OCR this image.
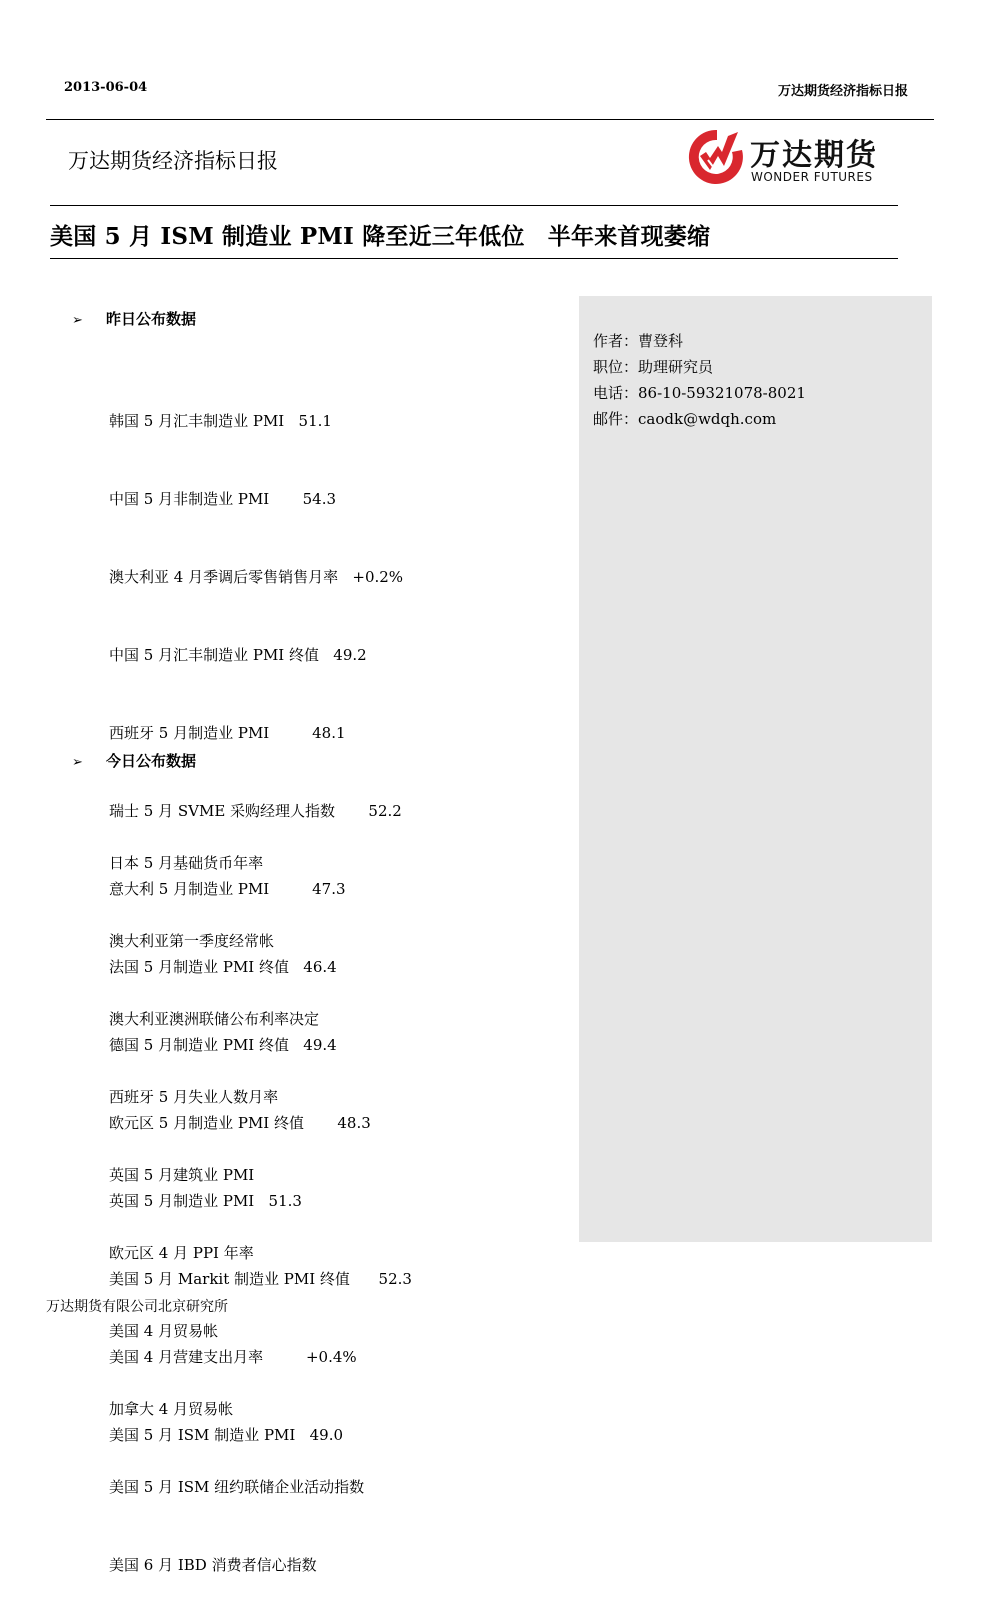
2013-06-04	万达期货经济指标日报
万达期货经济指标日报	万达期货
WONDER FUTURES
美国 5 月 ISM 制造业 PMI 降至近三年低位　半年来首现萎缩
作者：曹登科
职位：助理研究员
电话：86-10-59321078-8021
邮件：caodk@wdqh.com
➢ 昨日公布数据

韩国 5 月汇丰制造业 PMI   51.1

中国 5 月非制造业 PMI       54.3

澳大利亚 4 月季调后零售销售月率   +0.2%

中国 5 月汇丰制造业 PMI 终值   49.2

西班牙 5 月制造业 PMI         48.1

瑞士 5 月 SVME 采购经理人指数       52.2

意大利 5 月制造业 PMI         47.3

法国 5 月制造业 PMI 终值   46.4

德国 5 月制造业 PMI 终值   49.4

欧元区 5 月制造业 PMI 终值       48.3

英国 5 月制造业 PMI   51.3

美国 5 月 Markit 制造业 PMI 终值      52.3

美国 4 月营建支出月率         +0.4%

美国 5 月 ISM 制造业 PMI   49.0

➢ 今日公布数据

日本 5 月基础货币年率

澳大利亚第一季度经常帐

澳大利亚澳洲联储公布利率决定

西班牙 5 月失业人数月率

英国 5 月建筑业 PMI

欧元区 4 月 PPI 年率

美国 4 月贸易帐

加拿大 4 月贸易帐

美国 5 月 ISM 纽约联储企业活动指数

美国 6 月 IBD 消费者信心指数

万达期货有限公司北京研究所
